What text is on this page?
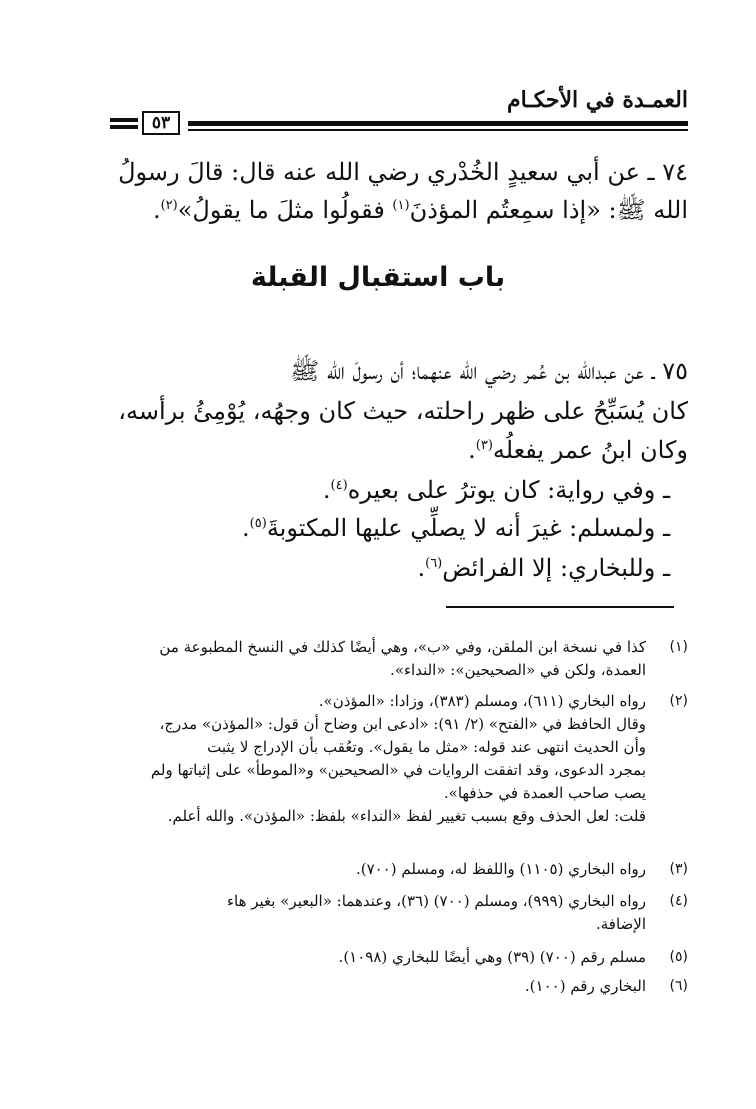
العمـدة في الأحكـام
٥٣
٧٤ ـ عن أبي سعيدٍ الخُدْري رضي الله عنه قال: قالَ رسولُ
الله ﷺ: «إذا سمِعتُم المؤذنَ$^{(١)}$ فقولُوا مثلَ ما يقولُ»$^{(٢)}$.
باب استقبال القبلة
٧٥ ـ عن عبدالله بن عُمر رضي الله عنهما؛ أن رسولَ الله ﷺ
كان يُسَبِّحُ على ظهر راحلته، حيث كان وجهُه، يُوْمِئُ برأسه،
وكان ابنُ عمر يفعلُه$^{(٣)}$.
ـ وفي رواية: كان يوترُ على بعيره$^{(٤)}$.
ـ ولمسلم: غيرَ أنه لا يصلِّي عليها المكتوبةَ$^{(٥)}$.
ـ وللبخاري: إلا الفرائض$^{(٦)}$.
(١)
كذا في نسخة ابن الملقن، وفي «ب»، وهي أيضًا كذلك في النسخ المطبوعة من
العمدة، ولكن في «الصحيحين»: «النداء».
(٢)
رواه البخاري (٦١١)، ومسلم (٣٨٣)، وزادا: «المؤذن».
وقال الحافظ في «الفتح» (٢/ ٩١): «ادعى ابن وضاح أن قول: «المؤذن» مدرج،
وأن الحديث انتهى عند قوله: «مثل ما يقول». وتعُقب بأن الإدراج لا يثبت
بمجرد الدعوى، وقد اتفقت الروايات في «الصحيحين» و«الموطأ» على إثباتها ولم
يصب صاحب العمدة في حذفها».
قلت: لعل الحذف وقع بسبب تغيير لفظ «النداء» بلفظ: «المؤذن». والله أعلم.
(٣)
رواه البخاري (١١٠٥) واللفظ له، ومسلم (٧٠٠).
(٤)
رواه البخاري (٩٩٩)، ومسلم (٧٠٠) (٣٦)، وعندهما: «البعير» بغير هاء
الإضافة.
(٥)
مسلم رقم (٧٠٠) (٣٩) وهي أيضًا للبخاري (١٠٩٨).
(٦)
البخاري رقم (١٠٠).
